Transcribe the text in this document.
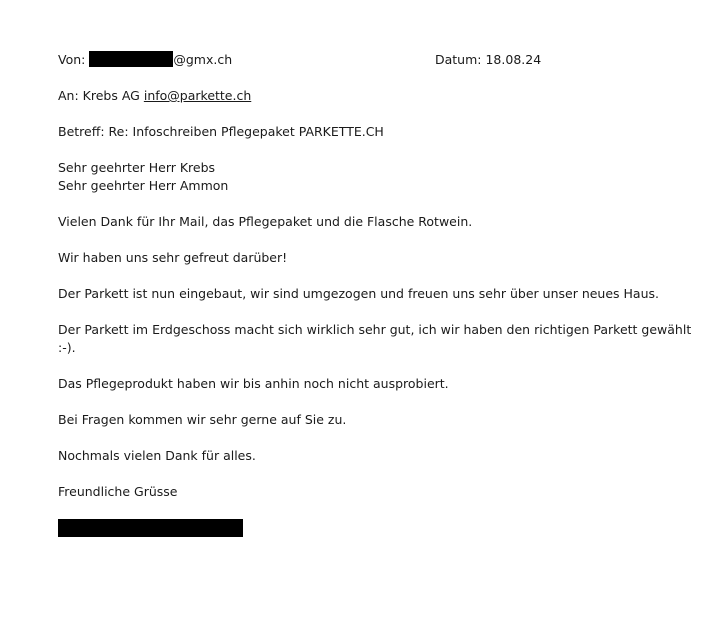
Von:	@gmx.ch	Datum: 18.08.24
An: Krebs AG info@parkette.ch
Betreff: Re: Infoschreiben Pflegepaket PARKETTE.CH
Sehr geehrter Herr Krebs
Sehr geehrter Herr Ammon
Vielen Dank für Ihr Mail, das Pflegepaket und die Flasche Rotwein.
Wir haben uns sehr gefreut darüber!
Der Parkett ist nun eingebaut, wir sind umgezogen und freuen uns sehr über unser neues Haus.
Der Parkett im Erdgeschoss macht sich wirklich sehr gut, ich wir haben den richtigen Parkett gewählt
:-).
Das Pflegeprodukt haben wir bis anhin noch nicht ausprobiert.
Bei Fragen kommen wir sehr gerne auf Sie zu.
Nochmals vielen Dank für alles.
Freundliche Grüsse
